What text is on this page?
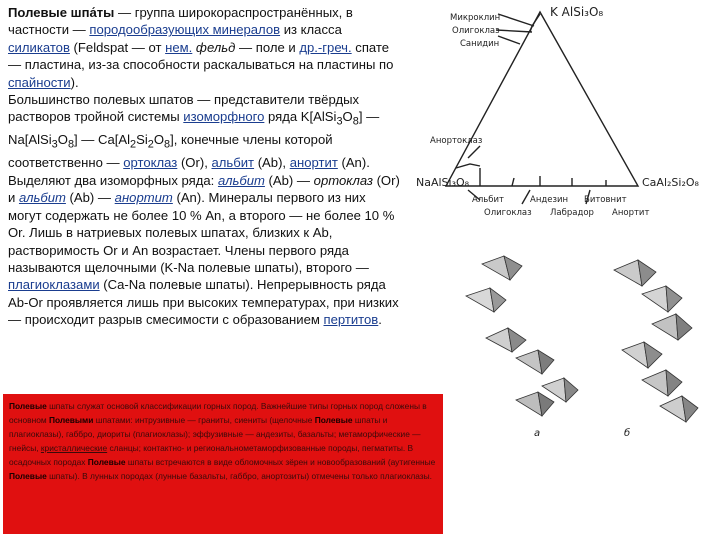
Полевые шпа́ты — группа широкораспространённых, в частности — породообразующих минералов из класса силикатов (Feldspat — от нем. фельд — поле и др.-греч. спате — пластина, из-за способности раскалываться на пластины по спайности).

Большинство полевых шпатов — представители твёрдых растворов тройной системы изоморфного ряда $K[AlSi_3O_8]$ — $Na[AlSi_3O_8]$ — $Ca[Al_2Si_2O_8]$, конечные члены которой соответственно — ортоклаз (Or), альбит (Ab), анортит (An). Выделяют два изоморфных ряда: альбит (Ab) — ортоклаз (Or) и альбит (Ab) — анортит (An). Минералы первого из них могут содержать не более 10 % An, а второго — не более 10 % Or. Лишь в натриевых полевых шпатах, близких к Ab, растворимость Or и An возрастает. Члены первого ряда называются щелочными (K-Na полевые шпаты), второго — плагиоклазами (Ca-Na полевые шпаты). Непрерывность ряда Ab-Or проявляется лишь при высоких температурах, при низких — происходит разрыв смесимости с образованием пертитов.

Полевые шпаты служат основой классификации горных пород. Важнейшие типы горных пород сложены в основном Полевыми шпатами: интрузивные — граниты, сиениты (щелочные Полевые шпаты и плагиоклазы), габбро, диориты (плагиоклазы); эффузивные — андезиты, базальты; метаморфические — гнейсы, кристаллические сланцы; контактно- и региональнометаморфизованные породы, пегматиты. В осадочных породах Полевые шпаты встречаются в виде обломочных зёрен и новообразований (аутигенные Полевые шпаты). В лунных породах (лунные базальты, габбро, анортозиты) отмечены только плагиоклазы.
K AlSi₃O₈
NaAlSi₃O₈	CaAl₂Si₂O₈
Микроклин
Олигоклаз
Санидин
Анортоклаз
Альбит	Андезин Битовнит
Олигоклаз Лабрадор Анортит
a	б
